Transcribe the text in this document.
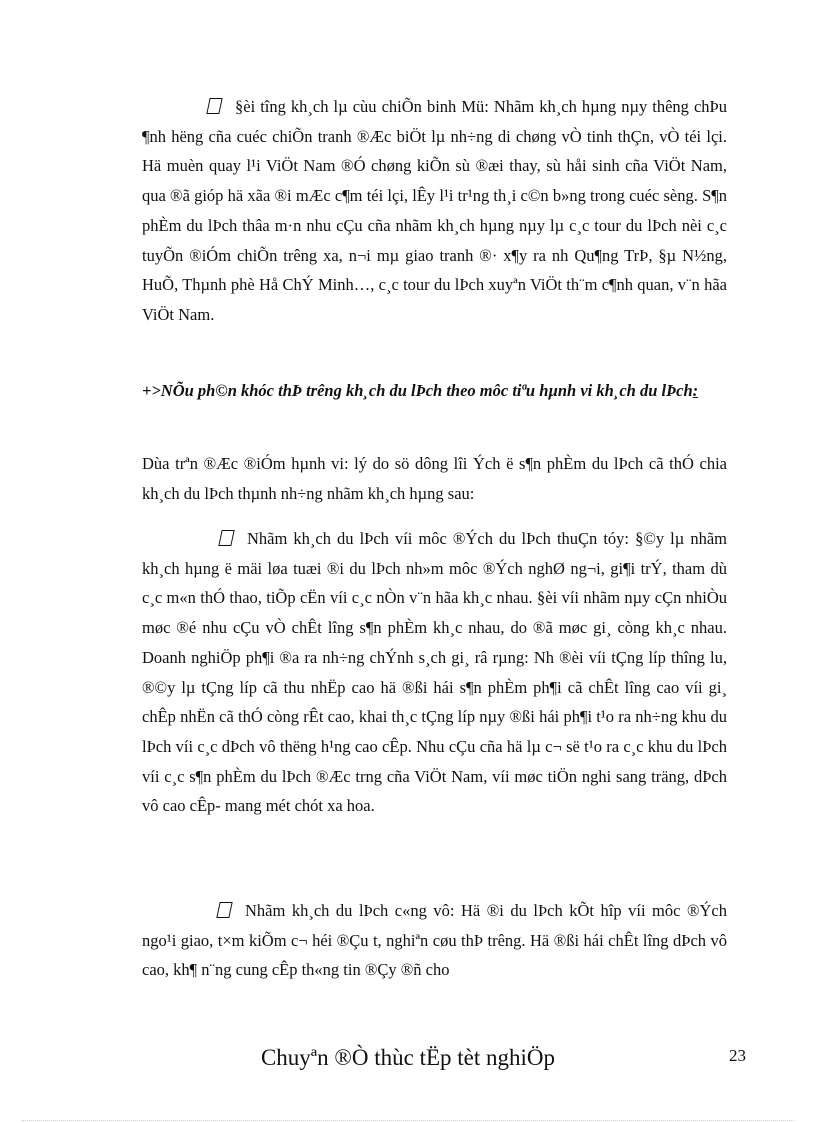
§èi tîng kh¸ch lµ cùu chiÕn binh Mü: Nhãm kh¸ch hµng nµy thêng chÞu ¶nh hëng cña cuéc chiÕn tranh ®Æc biÖt lµ nh÷ng di chøng vÒ tinh thÇn, vÒ téi lçi. Hä muèn quay l¹i ViÖt Nam ®Ó chøng kiÕn sù ®æi thay, sù håi sinh cña ViÖt Nam, qua ®ã gióp hä xãa ®i mÆc c¶m téi lçi, lÊy l¹i tr¹ng th¸i c©n b»ng trong cuéc sèng. S¶n phÈm du lÞch thâa m·n nhu cÇu cña nhãm kh¸ch hµng nµy lµ c¸c tour du lÞch nèi c¸c tuyÕn ®iÓm chiÕn trêng xa, n¬i mµ giao tranh ®· x¶y ra nh Qu¶ng TrÞ, §µ N½ng, HuÕ, Thµnh phè Hå ChÝ Minh…, c¸c tour du lÞch xuyªn ViÖt th¨m c¶nh quan, v¨n hãa ViÖt Nam.

+>NÕu ph©n khóc thÞ trêng kh¸ch du lÞch theo môc tiªu hµnh vi kh¸ch du lÞch:

Dùa trªn ®Æc ®iÓm hµnh vi: lý do sö dông lîi Ých ë s¶n phÈm du lÞch cã thÓ chia kh¸ch du lÞch thµnh nh÷ng nhãm kh¸ch hµng sau:

Nhãm kh¸ch du lÞch víi môc ®Ých du lÞch thuÇn tóy: §©y lµ nhãm kh¸ch hµng ë mäi løa tuæi ®i du lÞch nh»m môc ®Ých nghØ ng¬i, gi¶i trÝ, tham dù c¸c m«n thÓ thao, tiÕp cËn víi c¸c nÒn v¨n hãa kh¸c nhau. §èi víi nhãm nµy cÇn nhiÒu møc ®é nhu cÇu vÒ chÊt lîng s¶n phÈm kh¸c nhau, do ®ã møc gi¸ còng kh¸c nhau. Doanh nghiÖp ph¶i ®a ra nh÷ng chÝnh s¸ch gi¸ râ rµng: Nh ®èi víi tÇng líp thîng lu, ®©y lµ tÇng líp cã thu nhËp cao hä ®ßi hái s¶n phÈm ph¶i cã chÊt lîng cao víi gi¸ chÊp nhËn cã thÓ còng rÊt cao, khai th¸c tÇng líp nµy ®ßi hái ph¶i t¹o ra nh÷ng khu du lÞch víi c¸c dÞch vô thëng h¹ng cao cÊp. Nhu cÇu cña hä lµ c¬ së t¹o ra c¸c khu du lÞch víi c¸c s¶n phÈm du lÞch ®Æc trng cña ViÖt Nam, víi møc tiÖn nghi sang träng, dÞch vô cao cÊp- mang mét chót xa hoa.

Nhãm kh¸ch du lÞch c«ng vô: Hä ®i du lÞch kÕt hîp víi môc ®Ých ngo¹i giao, t×m kiÕm c¬ héi ®Çu t, nghiªn cøu thÞ trêng. Hä ®ßi hái chÊt lîng dÞch vô cao, kh¶ n¨ng cung cÊp th«ng tin ®Çy ®ñ cho

Chuyªn ®Ò thùc tËp tèt nghiÖp	23
